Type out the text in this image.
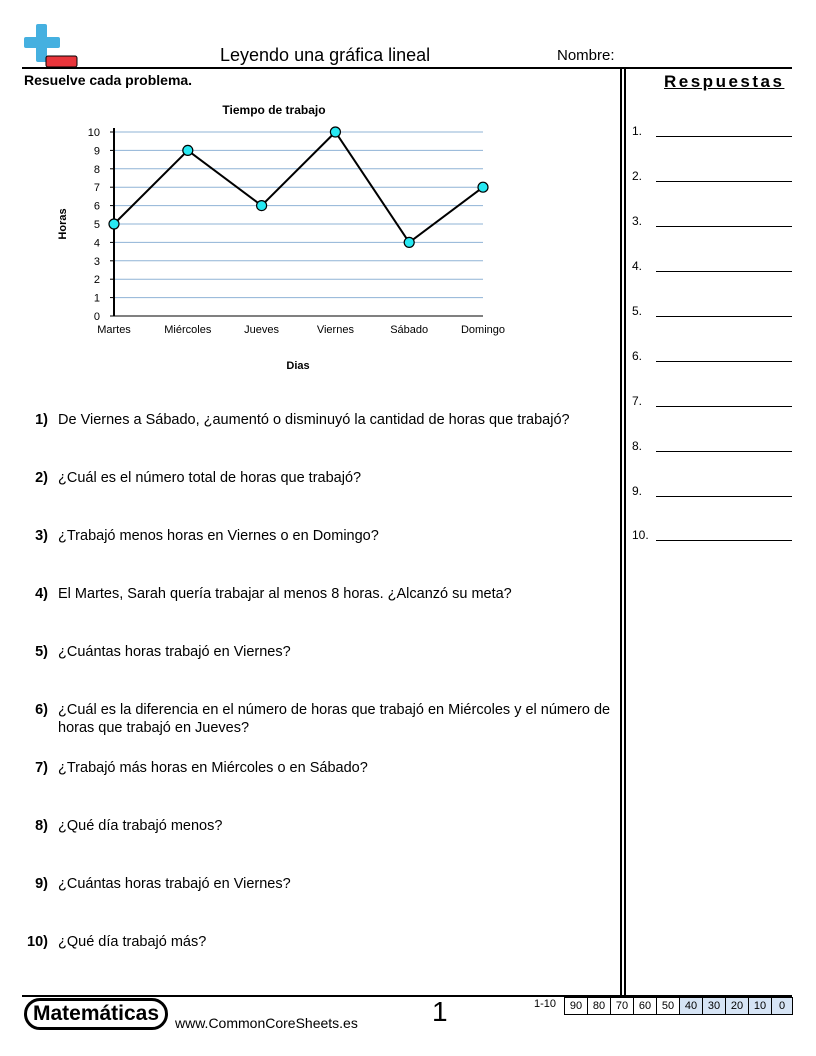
Leyendo una gráfica lineal	Nombre:
Resuelve cada problema.	Respuestas
1.
2.
3.
4.
5.
6.
7.
8.
9.
10.
Tiempo de trabajo
0
1
2
3
4
5
6
7
8
9
10
Martes	Miércoles	Jueves	Viernes	Sábado	Domingo
Dias
Horas
1) De Viernes a Sábado, ¿aumentó o disminuyó la cantidad de horas que trabajó?
2) ¿Cuál es el número total de horas que trabajó?
3) ¿Trabajó menos horas en Viernes o en Domingo?
4) El Martes, Sarah quería trabajar al menos 8 horas. ¿Alcanzó su meta?
5) ¿Cuántas horas trabajó en Viernes?
6) ¿Cuál es la diferencia en el número de horas que trabajó en Miércoles y el número de horas que trabajó en Jueves?
7) ¿Trabajó más horas en Miércoles o en Sábado?
8) ¿Qué día trabajó menos?
9) ¿Cuántas horas trabajó en Viernes?
10) ¿Qué día trabajó más?
Matemáticas	www.CommonCoreSheets.es	1	1-10 90	80	70	60	50	40	30	20	10	0
